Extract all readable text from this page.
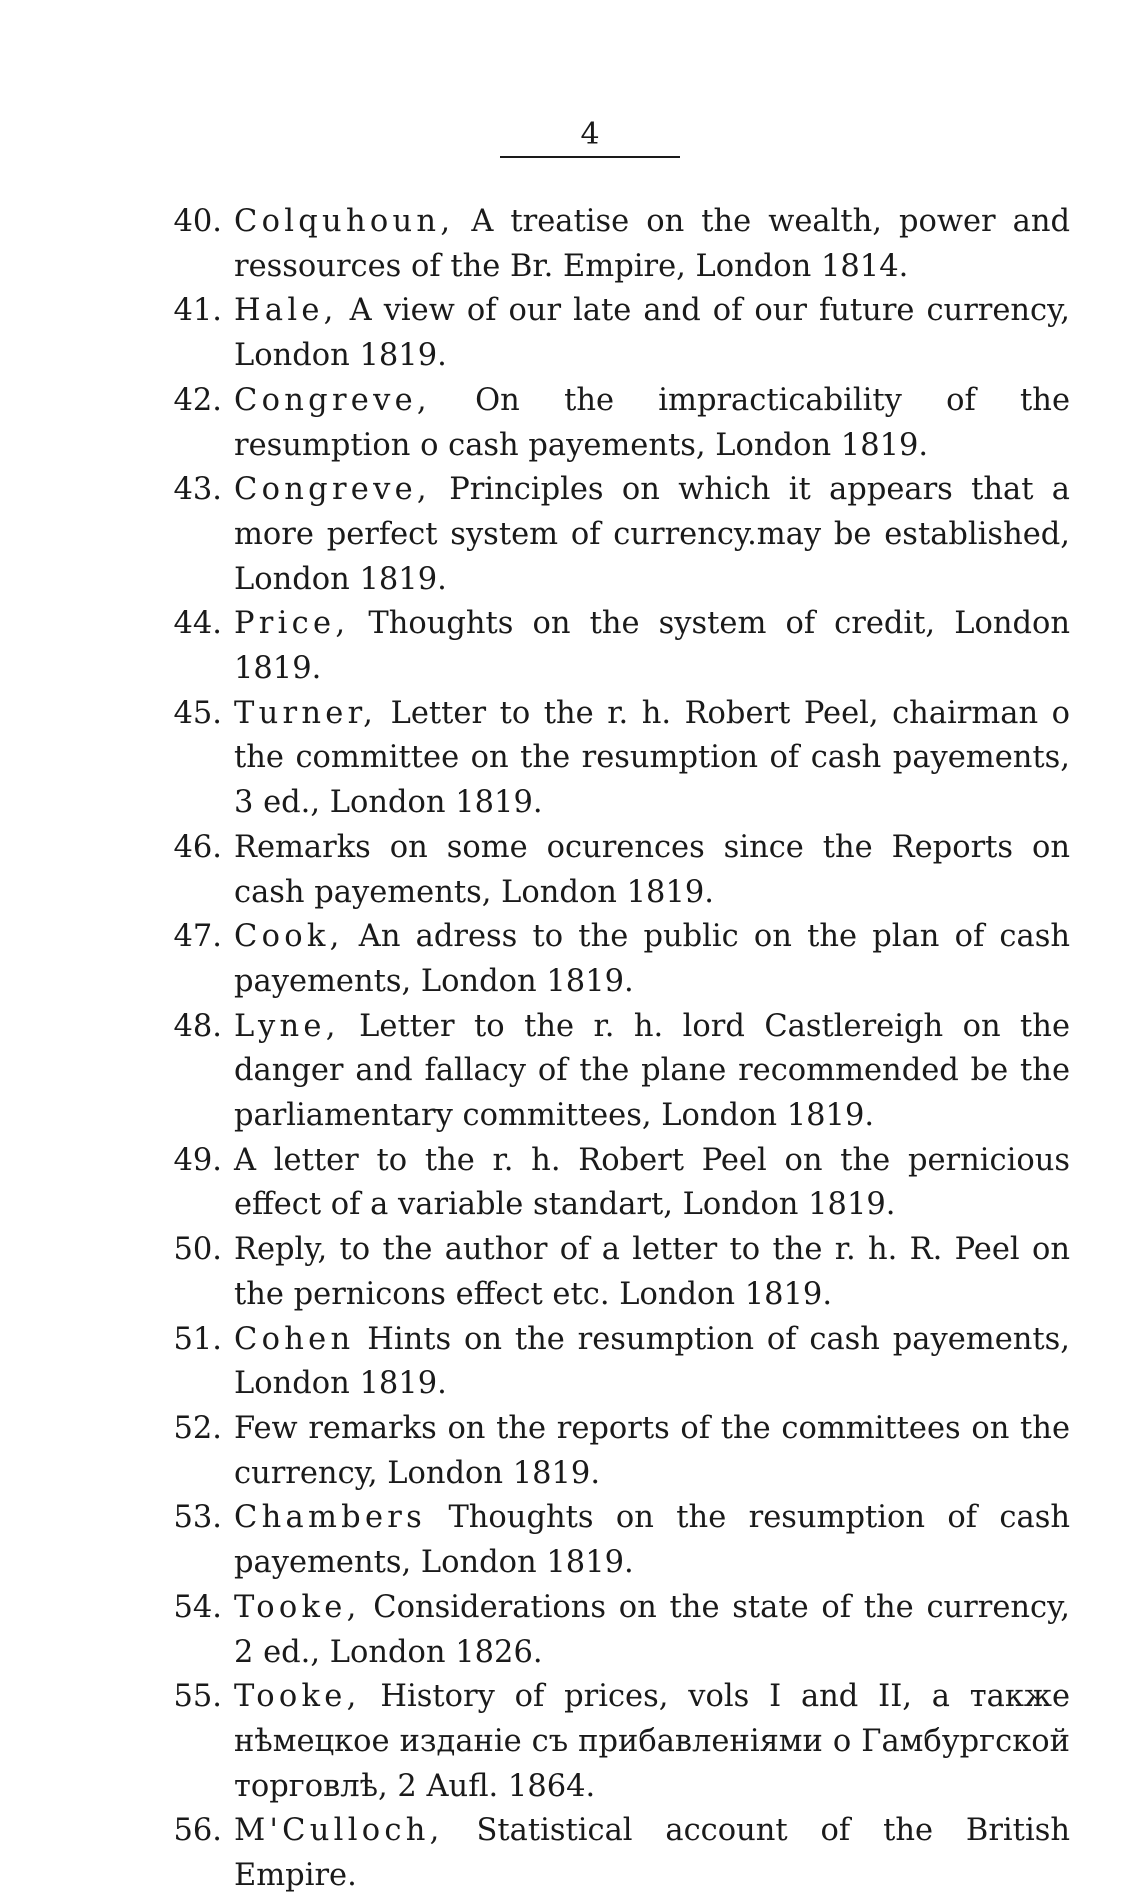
4
40. Colquhoun, A treatise on the wealth, power and ressources of the Br. Empire, London 1814.
41. Hale, A view of our late and of our future currency, London 1819.
42. Congreve, On the impracticability of the resumption o cash payements, London 1819.
43. Congreve, Principles on which it appears that a more perfect system of currency.may be established, London 1819.
44. Price, Thoughts on the system of credit, London 1819.
45. Turner, Letter to the r. h. Robert Peel, chairman o the committee on the resumption of cash payements, 3 ed., London 1819.
46. Remarks on some ocurences since the Reports on cash payements, London 1819.
47. Cook, An adress to the public on the plan of cash payements, London 1819.
48. Lyne, Letter to the r. h. lord Castlereigh on the danger and fallacy of the plane recommended be the parliamentary committees, London 1819.
49. A letter to the r. h. Robert Peel on the pernicious effect of a variable standart, London 1819.
50. Reply, to the author of a letter to the r. h. R. Peel on the pernicons effect etc. London 1819.
51. Cohen Hints on the resumption of cash payements, London 1819.
52. Few remarks on the reports of the committees on the currency, London 1819.
53. Chambers Thoughts on the resumption of cash payements, London 1819.
54. Tooke, Considerations on the state of the currency, 2 ed., London 1826.
55. Tooke, History of prices, vols I and II, а также нѣмецкое изданіе съ прибавленіями о Гамбургской торговлѣ, 2 Aufl. 1864.
56. M'Culloch, Statistical account of the British Empire.
